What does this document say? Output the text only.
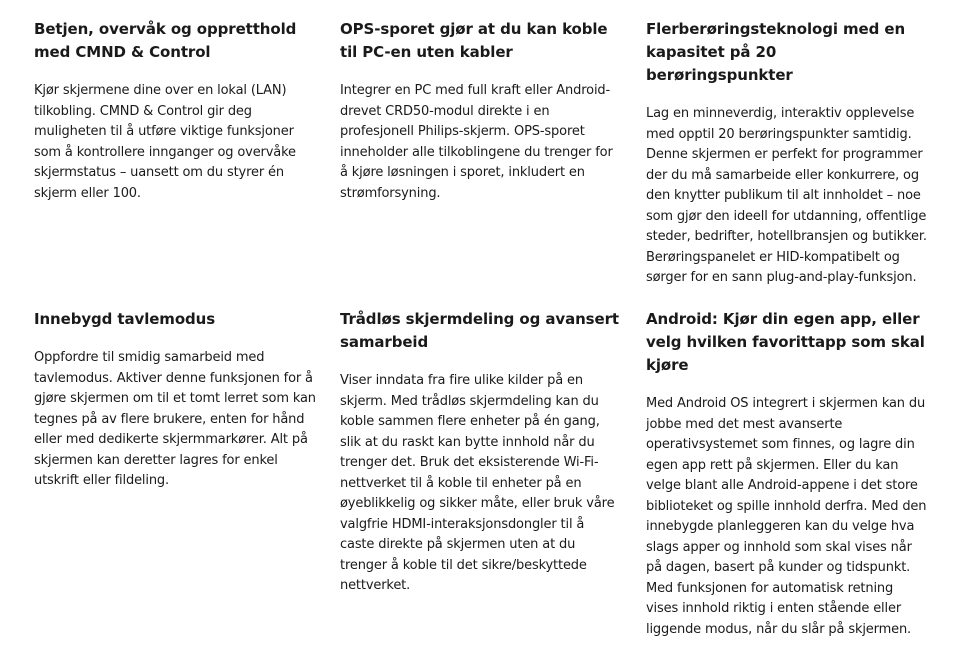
Betjen, overvåk og oppretthold med CMND & Control

Kjør skjermene dine over en lokal (LAN) tilkobling. CMND & Control gir deg muligheten til å utføre viktige funksjoner som å kontrollere innganger og overvåke skjermstatus – uansett om du styrer én skjerm eller 100.

OPS-sporet gjør at du kan koble til PC-en uten kabler

Integrer en PC med full kraft eller Android-drevet CRD50-modul direkte i en profesjonell Philips-skjerm. OPS-sporet inneholder alle tilkoblingene du trenger for å kjøre løsningen i sporet, inkludert en strømforsyning.

Flerberøringsteknologi med en kapasitet på 20 berøringspunkter

Lag en minneverdig, interaktiv opplevelse med opptil 20 berøringspunkter samtidig. Denne skjermen er perfekt for programmer der du må samarbeide eller konkurrere, og den knytter publikum til alt innholdet – noe som gjør den ideell for utdanning, offentlige steder, bedrifter, hotellbransjen og butikker. Berøringspanelet er HID-kompatibelt og sørger for en sann plug-and-play-funksjon.

Innebygd tavlemodus

Oppfordre til smidig samarbeid med tavlemodus. Aktiver denne funksjonen for å gjøre skjermen om til et tomt lerret som kan tegnes på av flere brukere, enten for hånd eller med dedikerte skjermmarkører. Alt på skjermen kan deretter lagres for enkel utskrift eller fildeling.

Trådløs skjermdeling og avansert samarbeid

Viser inndata fra fire ulike kilder på en skjerm. Med trådløs skjermdeling kan du koble sammen flere enheter på én gang, slik at du raskt kan bytte innhold når du trenger det. Bruk det eksisterende Wi-Fi-nettverket til å koble til enheter på en øyeblikkelig og sikker måte, eller bruk våre valgfrie HDMI-interaksjonsdongler til å caste direkte på skjermen uten at du trenger å koble til det sikre/beskyttede nettverket.

Android: Kjør din egen app, eller velg hvilken favorittapp som skal kjøre

Med Android OS integrert i skjermen kan du jobbe med det mest avanserte operativsystemet som finnes, og lagre din egen app rett på skjermen. Eller du kan velge blant alle Android-appene i det store biblioteket og spille innhold derfra. Med den innebygde planleggeren kan du velge hva slags apper og innhold som skal vises når på dagen, basert på kunder og tidspunkt. Med funksjonen for automatisk retning vises innhold riktig i enten stående eller liggende modus, når du slår på skjermen.
